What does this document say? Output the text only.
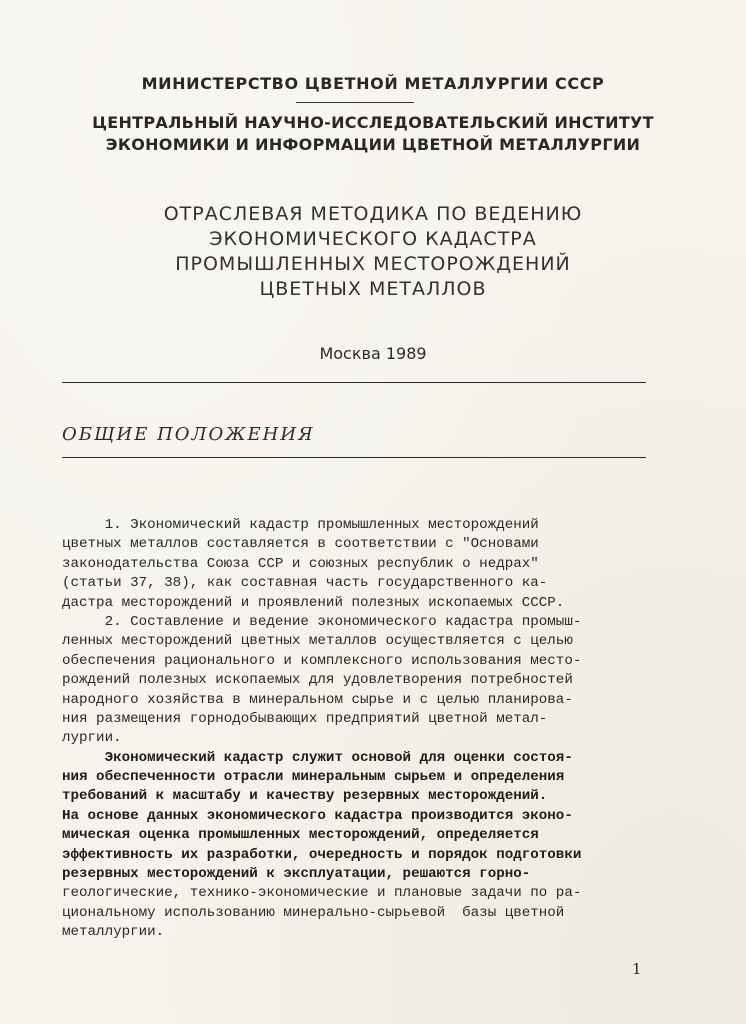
МИНИСТЕРСТВО ЦВЕТНОЙ МЕТАЛЛУРГИИ СССР
ЦЕНТРАЛЬНЫЙ НАУЧНО-ИССЛЕДОВАТЕЛЬСКИЙ ИНСТИТУТ
ЭКОНОМИКИ И ИНФОРМАЦИИ ЦВЕТНОЙ МЕТАЛЛУРГИИ
ОТРАСЛЕВАЯ МЕТОДИКА ПО ВЕДЕНИЮ
ЭКОНОМИЧЕСКОГО КАДАСТРА
ПРОМЫШЛЕННЫХ МЕСТОРОЖДЕНИЙ
ЦВЕТНЫХ МЕТАЛЛОВ
Москва 1989
ОБЩИЕ ПОЛОЖЕНИЯ
1. Экономический кадастр промышленных месторождений
цветных металлов составляется в соответствии с "Основами
законодательства Союза ССР и союзных республик о недрах"
(статьи 37, 38), как составная часть государственного ка-
дастра месторождений и проявлений полезных ископаемых СССР.
2. Составление и ведение экономического кадастра промыш-
ленных месторождений цветных металлов осуществляется с целью
обеспечения рационального и комплексного использования место-
рождений полезных ископаемых для удовлетворения потребностей
народного хозяйства в минеральном сырье и с целью планирова-
ния размещения горнодобывающих предприятий цветной метал-
лургии.
Экономический кадастр служит основой для оценки состоя-
ния обеспеченности отрасли минеральным сырьем и определения
требований к масштабу и качеству резервных месторождений.
На основе данных экономического кадастра производится эконо-
мическая оценка промышленных месторождений, определяется
эффективность их разработки, очередность и порядок подготовки
резервных месторождений к эксплуатации, решаются горно-
геологические, технико-экономические и плановые задачи по ра-
циональному использованию минерально-сырьевой  базы цветной
металлургии.
1
